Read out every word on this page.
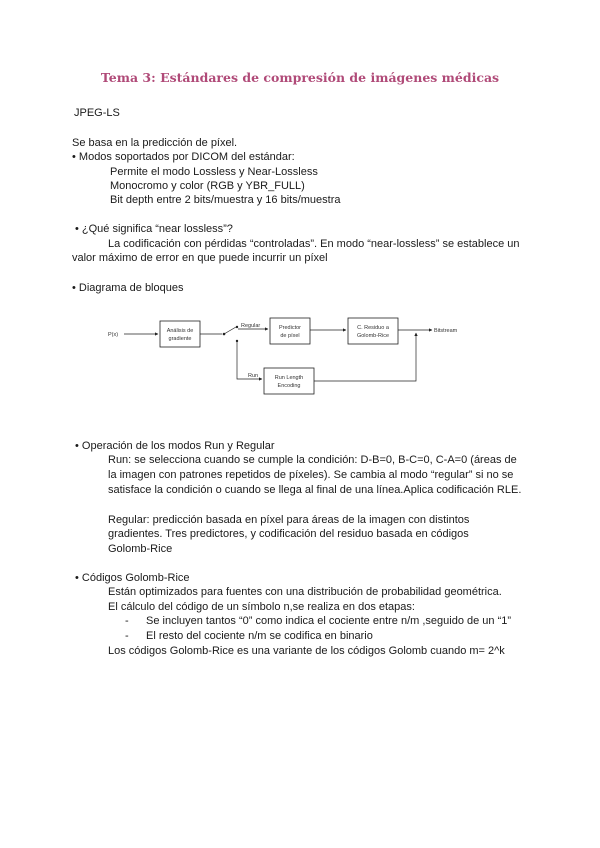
Tema 3: Estándares de compresión de imágenes médicas
JPEG-LS
Se basa en la predicción de píxel.
• Modos soportados por DICOM del estándar:
Permite el modo Lossless y Near-Lossless
Monocromo y color (RGB y YBR_FULL)
Bit depth entre 2 bits/muestra y 16 bits/muestra
• ¿Qué significa “near lossless”?
La codificación con pérdidas “controladas”. En modo “near-lossless” se establece un
valor máximo de error en que puede incurrir un píxel
• Diagrama de bloques
P(x)
Análisis de
gradiente
Regular	Predictor
de píxel
C. Residuo a
Golomb-Rice
Bitstream
Run	Run Length
Encoding
• Operación de los modos Run y Regular
Run: se selecciona cuando se cumple la condición: D-B=0, B-C=0, C-A=0 (áreas de
la imagen con patrones repetidos de píxeles). Se cambia al modo “regular” si no se
satisface la condición o cuando se llega al final de una línea.Aplica codificación RLE.
Regular: predicción basada en píxel para áreas de la imagen con distintos
gradientes. Tres predictores, y codificación del residuo basada en códigos
Golomb-Rice
• Códigos Golomb-Rice
Están optimizados para fuentes con una distribución de probabilidad geométrica.
El cálculo del código de un símbolo n,se realiza en dos etapas:
- Se incluyen tantos “0” como indica el cociente entre n/m ,seguido de un “1”
- El resto del cociente n/m se codifica en binario
Los códigos Golomb-Rice es una variante de los códigos Golomb cuando m= 2^k
